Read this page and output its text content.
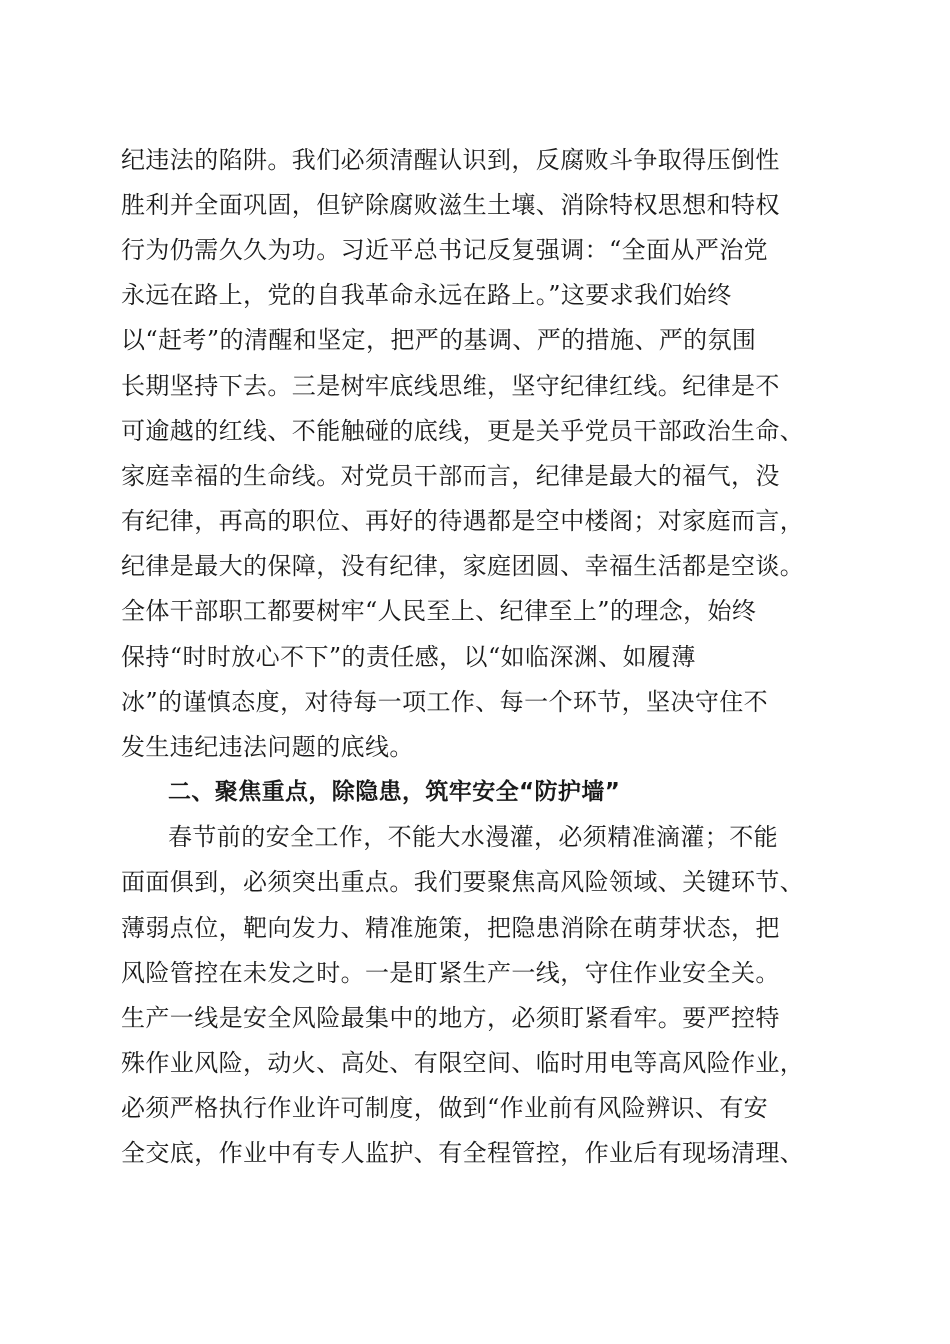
纪违法的陷阱。我们必须清醒认识到，反腐败斗争取得压倒性
胜利并全面巩固，但铲除腐败滋生土壤、消除特权思想和特权
行为仍需久久为功。习近平总书记反复强调：“全面从严治党
永远在路上，党的自我革命永远在路上。”这要求我们始终
以“赶考”的清醒和坚定，把严的基调、严的措施、严的氛围
长期坚持下去。三是树牢底线思维，坚守纪律红线。纪律是不
可逾越的红线、不能触碰的底线，更是关乎党员干部政治生命、
家庭幸福的生命线。对党员干部而言，纪律是最大的福气，没
有纪律，再高的职位、再好的待遇都是空中楼阁；对家庭而言，
纪律是最大的保障，没有纪律，家庭团圆、幸福生活都是空谈。
全体干部职工都要树牢“人民至上、纪律至上”的理念，始终
保持“时时放心不下”的责任感，以“如临深渊、如履薄
冰”的谨慎态度，对待每一项工作、每一个环节，坚决守住不
发生违纪违法问题的底线。
二、聚焦重点，除隐患，筑牢安全“防护墙”
春节前的安全工作，不能大水漫灌，必须精准滴灌；不能
面面俱到，必须突出重点。我们要聚焦高风险领域、关键环节、
薄弱点位，靶向发力、精准施策，把隐患消除在萌芽状态，把
风险管控在未发之时。一是盯紧生产一线，守住作业安全关。
生产一线是安全风险最集中的地方，必须盯紧看牢。要严控特
殊作业风险，动火、高处、有限空间、临时用电等高风险作业，
必须严格执行作业许可制度，做到“作业前有风险辨识、有安
全交底，作业中有专人监护、有全程管控，作业后有现场清理、
